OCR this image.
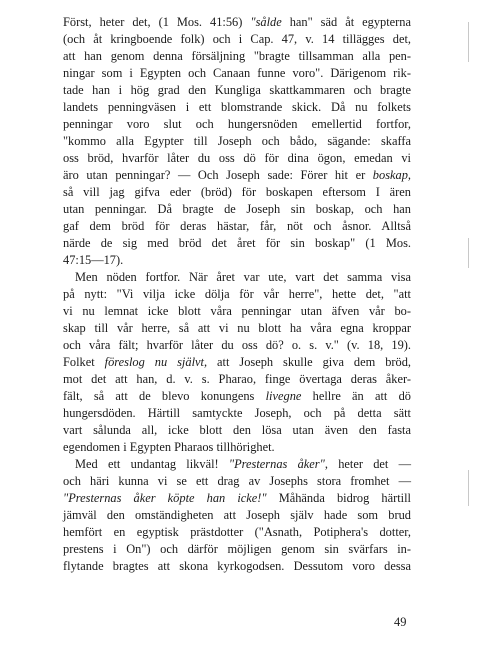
Först, heter det, (1 Mos. 41:56) "sålde han" säd åt egypterna
(och åt kringboende folk) och i Cap. 47, v. 14 tillägges det,
att han genom denna försäljning "bragte tillsamman alla pen-
ningar som i Egypten och Canaan funne voro". Därigenom rik-
tade han i hög grad den Kungliga skattkammaren och bragte
landets penningväsen i ett blomstrande skick. Då nu folkets
penningar voro slut och hungersnöden emellertid fortfor,
"kommo alla Egypter till Joseph och bådo, sägande: skaffa
oss bröd, hvarför låter du oss dö för dina ögon, emedan vi
äro utan penningar? — Och Joseph sade: Förer hit er boskap,
så vill jag gifva eder (bröd) för boskapen eftersom I ären
utan penningar. Då bragte de Joseph sin boskap, och han
gaf dem bröd för deras hästar, får, nöt och åsnor. Alltså
närde de sig med bröd det året för sin boskap" (1 Mos.
47:15—17).
Men nöden fortfor. När året var ute, vart det samma visa
på nytt: "Vi vilja icke dölja för vår herre", hette det, "att
vi nu lemnat icke blott våra penningar utan äfven vår bo-
skap till vår herre, så att vi nu blott ha våra egna kroppar
och våra fält; hvarför låter du oss dö? o. s. v." (v. 18, 19).
Folket föreslog nu självt, att Joseph skulle giva dem bröd,
mot det att han, d. v. s. Pharao, finge övertaga deras åker-
fält, så att de blevo konungens livegne hellre än att dö
hungersdöden. Härtill samtyckte Joseph, och på detta sätt
vart sålunda all, icke blott den lösa utan även den fasta
egendomen i Egypten Pharaos tillhörighet.
Med ett undantag likväl! "Presternas åker", heter det —
och häri kunna vi se ett drag av Josephs stora fromhet —
"Presternas åker köpte han icke!" Måhända bidrog härtill
jämväl den omständigheten att Joseph själv hade som brud
hemfört en egyptisk prästdotter ("Asnath, Potiphera's dotter,
prestens i On") och därför möjligen genom sin svärfars in-
flytande bragtes att skona kyrkogodsen. Dessutom voro dessa
49
